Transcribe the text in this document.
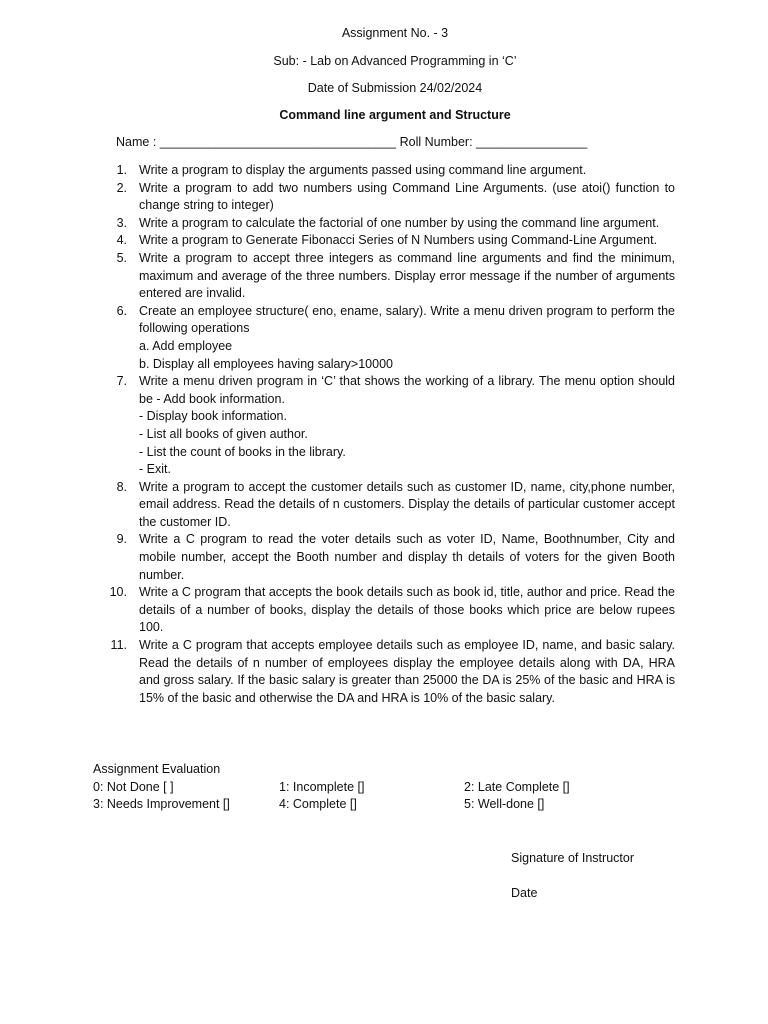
Assignment No. - 3
Sub: - Lab on Advanced Programming in ‘C’
Date of Submission 24/02/2024
Command line argument and Structure
Name : __________________________________ Roll Number: ________________
1. Write a program to display the arguments passed using command line argument.
2. Write a program to add two numbers using Command Line Arguments. (use atoi() function to change string to integer)
3. Write a program to calculate the factorial of one number by using the command line argument.
4. Write a program to Generate Fibonacci Series of N Numbers using Command-Line Argument.
5. Write a program to accept three integers as command line arguments and find the minimum, maximum and average of the three numbers. Display error message if the number of arguments entered are invalid.
6. Create an employee structure( eno, ename, salary). Write a menu driven program to perform the following operations
a. Add employee
b. Display all employees having salary>10000
7. Write a menu driven program in ‘C’ that shows the working of a library. The menu option should be - Add book information.
- Display book information.
- List all books of given author.
- List the count of books in the library.
- Exit.
8. Write a program to accept the customer details such as customer ID, name, city,phone number, email address. Read the details of n customers. Display the details of particular customer accept the customer ID.
9. Write a C program to read the voter details such as voter ID, Name, Boothnumber, City and mobile number, accept the Booth number and display th details of voters for the given Booth number.
10. Write a C program that accepts the book details such as book id, title, author and price. Read the details of a number of books, display the details of those books which price are below rupees 100.
11. Write a C program that accepts employee details such as employee ID, name, and basic salary. Read the details of n number of employees display the employee details along with DA, HRA and gross salary. If the basic salary is greater than 25000 the DA is 25% of the basic and HRA is 15% of the basic and otherwise the DA and HRA is 10% of the basic salary.
Assignment Evaluation
0: Not Done [ ]	1: Incomplete []	2: Late Complete []
3: Needs Improvement []	4: Complete []	5: Well-done []
Signature of Instructor
Date
